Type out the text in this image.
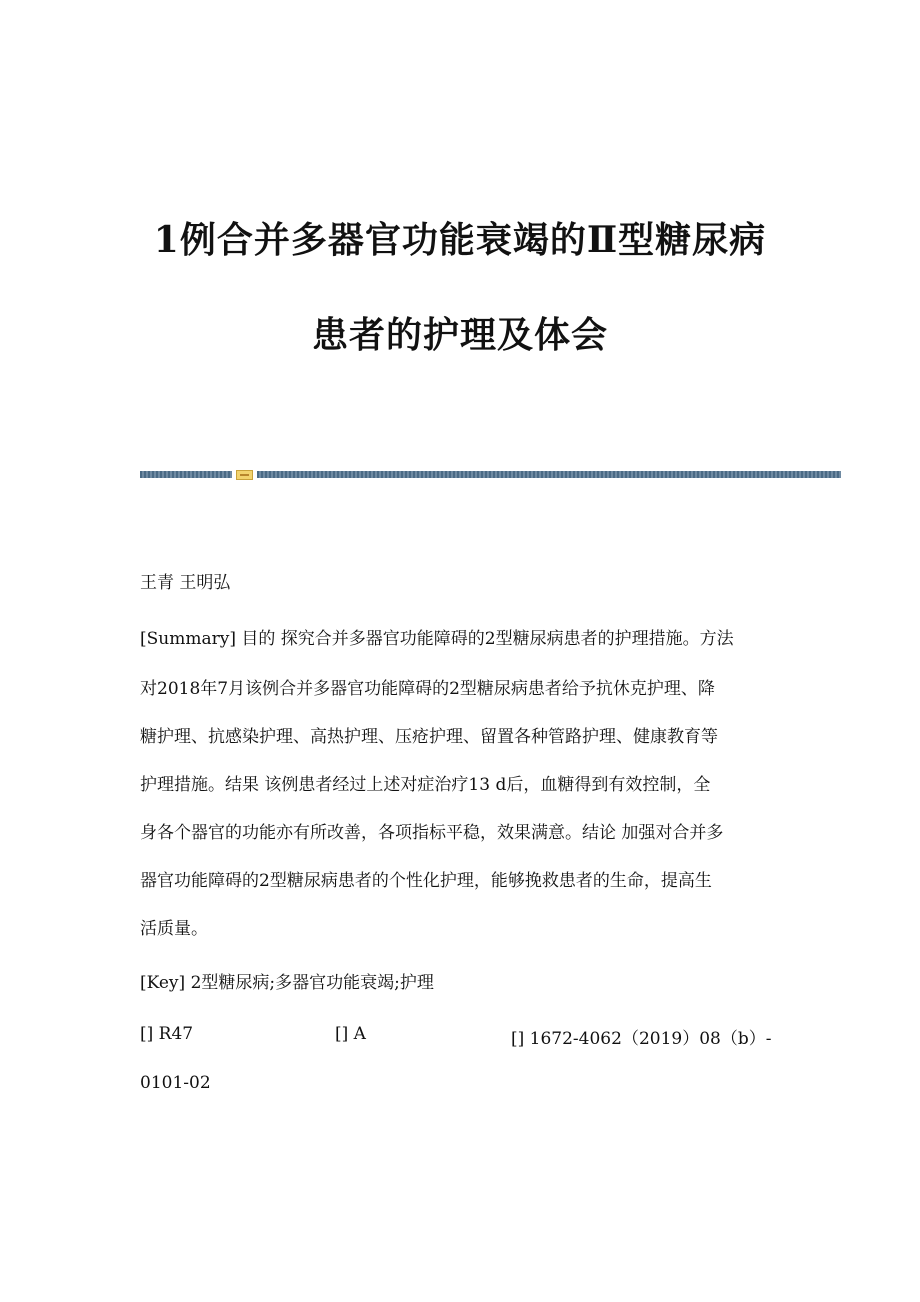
1例合并多器官功能衰竭的Ⅱ型糖尿病
患者的护理及体会
王青 王明弘
[Summary] 目的 探究合并多器官功能障碍的2型糖尿病患者的护理措施。方法
对2018年7月该例合并多器官功能障碍的2型糖尿病患者给予抗休克护理、降
糖护理、抗感染护理、高热护理、压疮护理、留置各种管路护理、健康教育等
护理措施。结果 该例患者经过上述对症治疗13 d后，血糖得到有效控制，全
身各个器官的功能亦有所改善，各项指标平稳，效果满意。结论 加强对合并多
器官功能障碍的2型糖尿病患者的个性化护理，能够挽救患者的生命，提高生
活质量。
[Key] 2型糖尿病;多器官功能衰竭;护理
[] R47	[] A	[] 1672-4062（2019）08（b）-
0101-02
